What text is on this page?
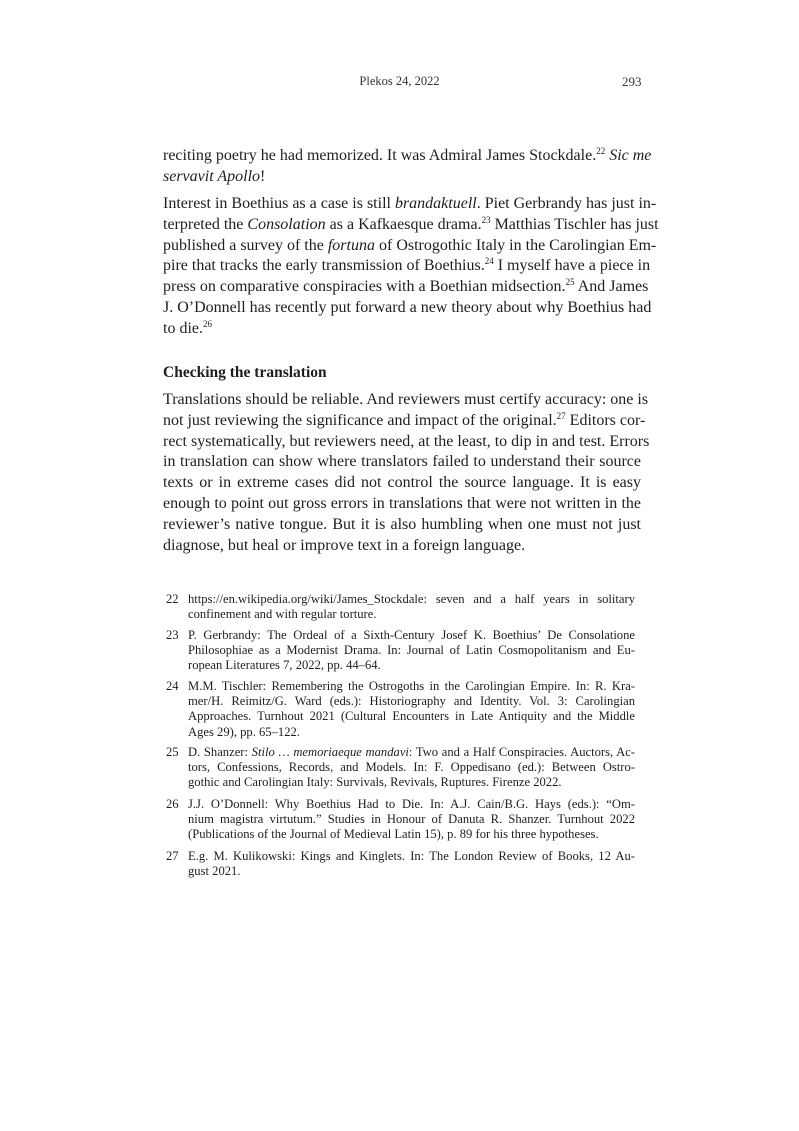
Plekos 24, 2022	293
reciting poetry he had memorized. It was Admiral James Stockdale.$^{22}$ Sic me
servavit Apollo!
Interest in Boethius as a case is still brandaktuell. Piet Gerbrandy has just in-
terpreted the Consolation as a Kafkaesque drama.$^{23}$ Matthias Tischler has just
published a survey of the fortuna of Ostrogothic Italy in the Carolingian Em-
pire that tracks the early transmission of Boethius.$^{24}$ I myself have a piece in
press on comparative conspiracies with a Boethian midsection.$^{25}$ And James
J. O’Donnell has recently put forward a new theory about why Boethius had
to die.$^{26}$
Checking the translation
Translations should be reliable. And reviewers must certify accuracy: one is
not just reviewing the significance and impact of the original.$^{27}$ Editors cor-
rect systematically, but reviewers need, at the least, to dip in and test. Errors
in translation can show where translators failed to understand their source
texts or in extreme cases did not control the source language. It is easy
enough to point out gross errors in translations that were not written in the
reviewer’s native tongue. But it is also humbling when one must not just
diagnose, but heal or improve text in a foreign language.
22 https://en.wikipedia.org/wiki/James_Stockdale: seven and a half years in solitary
confinement and with regular torture.
23 P. Gerbrandy: The Ordeal of a Sixth-Century Josef K. Boethius’ De Consolatione
Philosophiae as a Modernist Drama. In: Journal of Latin Cosmopolitanism and Eu-
ropean Literatures 7, 2022, pp. 44–64.
24 M.M. Tischler: Remembering the Ostrogoths in the Carolingian Empire. In: R. Kra-
mer/H. Reimitz/G. Ward (eds.): Historiography and Identity. Vol. 3: Carolingian
Approaches. Turnhout 2021 (Cultural Encounters in Late Antiquity and the Middle
Ages 29), pp. 65–122.
25 D. Shanzer: Stilo … memoriaeque mandavi: Two and a Half Conspiracies. Auctors, Ac-
tors, Confessions, Records, and Models. In: F. Oppedisano (ed.): Between Ostro-
gothic and Carolingian Italy: Survivals, Revivals, Ruptures. Firenze 2022.
26 J.J. O’Donnell: Why Boethius Had to Die. In: A.J. Cain/B.G. Hays (eds.): “Om-
nium magistra virtutum.” Studies in Honour of Danuta R. Shanzer. Turnhout 2022
(Publications of the Journal of Medieval Latin 15), p. 89 for his three hypotheses.
27 E.g. M. Kulikowski: Kings and Kinglets. In: The London Review of Books, 12 Au-
gust 2021.
